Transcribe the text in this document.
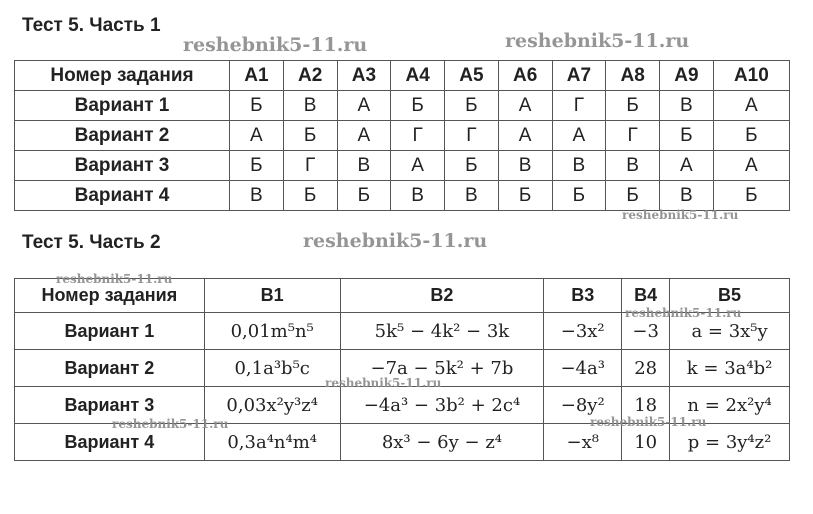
Тест 5. Часть 1
Номер задания	A1	A2	A3	A4	A5	A6	A7	A8	A9	A10
Вариант 1	Б	В	А	Б	Б	А	Г	Б	В	А
Вариант 2	А	Б	А	Г	Г	А	А	Г	Б	Б
Вариант 3	Б	Г	В	А	Б	В	В	В	А	А
Вариант 4	В	Б	Б	В	В	Б	Б	Б	В	Б
Тест 5. Часть 2
Номер задания	B1	B2	B3	B4	B5
Вариант 1	0,01m⁵n⁵	5k⁵ − 4k² − 3k	−3x²	−3	a = 3x⁵y
Вариант 2	0,1a³b⁵c	−7a − 5k² + 7b	−4a³	28	k = 3a⁴b²
Вариант 3	0,03x²y³z⁴	−4a³ − 3b² + 2c⁴	−8y²	18	n = 2x²y⁴
Вариант 4	0,3a⁴n⁴m⁴	8x³ − 6y − z⁴	−x⁸	10	p = 3y⁴z²
reshebnik5-11.ru	reshebnik5-11.ru
reshebnik5-11.ru
reshebnik5-11.ru
reshebnik5-11.ru
reshebnik5-11.ru
reshebnik5-11.ru
reshebnik5-11.ru	reshebnik5-11.ru
